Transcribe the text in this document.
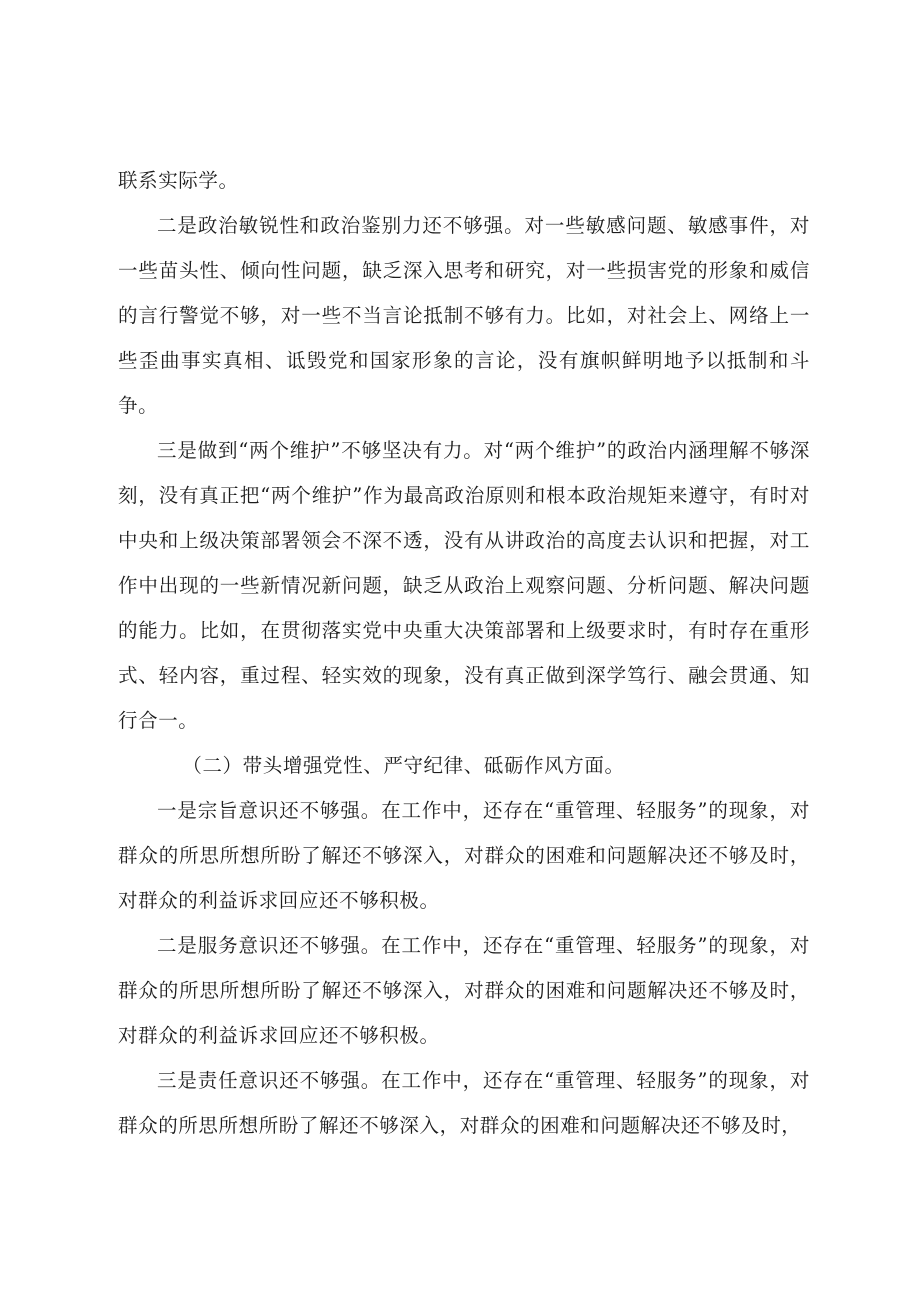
联系实际学。

二是政治敏锐性和政治鉴别力还不够强。对一些敏感问题、敏感事件，对一些苗头性、倾向性问题，缺乏深入思考和研究，对一些损害党的形象和威信的言行警觉不够，对一些不当言论抵制不够有力。比如，对社会上、网络上一些歪曲事实真相、诋毁党和国家形象的言论，没有旗帜鲜明地予以抵制和斗争。

三是做到“两个维护”不够坚决有力。对“两个维护”的政治内涵理解不够深刻，没有真正把“两个维护”作为最高政治原则和根本政治规矩来遵守，有时对中央和上级决策部署领会不深不透，没有从讲政治的高度去认识和把握，对工作中出现的一些新情况新问题，缺乏从政治上观察问题、分析问题、解决问题的能力。比如，在贯彻落实党中央重大决策部署和上级要求时，有时存在重形式、轻内容，重过程、轻实效的现象，没有真正做到深学笃行、融会贯通、知行合一。

（二）带头增强党性、严守纪律、砥砺作风方面。

一是宗旨意识还不够强。在工作中，还存在“重管理、轻服务”的现象，对群众的所思所想所盼了解还不够深入，对群众的困难和问题解决还不够及时，对群众的利益诉求回应还不够积极。

二是服务意识还不够强。在工作中，还存在“重管理、轻服务”的现象，对群众的所思所想所盼了解还不够深入，对群众的困难和问题解决还不够及时，对群众的利益诉求回应还不够积极。

三是责任意识还不够强。在工作中，还存在“重管理、轻服务”的现象，对群众的所思所想所盼了解还不够深入，对群众的困难和问题解决还不够及时，
